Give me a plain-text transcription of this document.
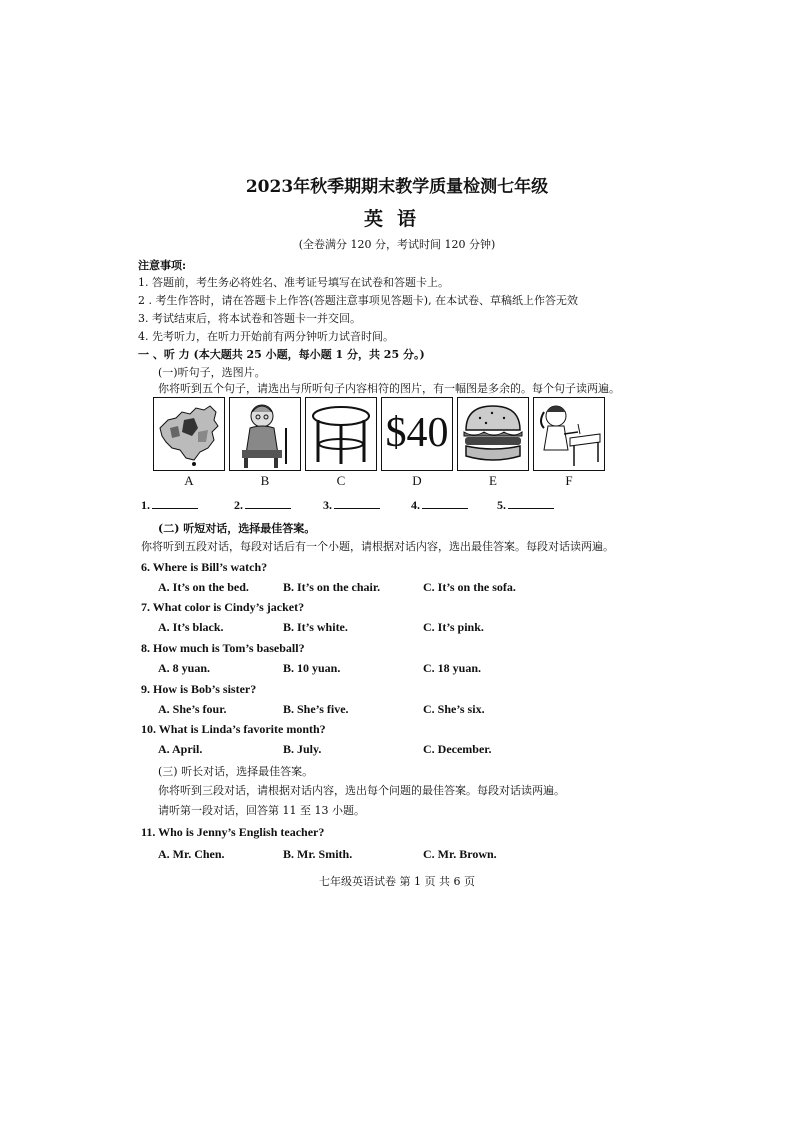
2023年秋季期期末教学质量检测七年级
英语
(全卷满分 120 分，考试时间 120 分钟)
注意事项:
1. 答题前，考生务必将姓名、准考证号填写在试卷和答题卡上。
2 . 考生作答时，请在答题卡上作答(答题注意事项见答题卡), 在本试卷、草稿纸上作答无效
3. 考试结束后，将本试卷和答题卡一并交回。
4. 先考听力，在听力开始前有两分钟听力试音时间。
一 、听 力 (本大题共 25 小题，每小题 1 分，共 25 分。)
(一)听句子，选图片。
你将听到五个句子，请选出与所听句子内容相符的图片，有一幅图是多余的。每个句子读两遍。
$40
A	B	C	D	E	F
1.	2.	3.	4.	5.
(二) 听短对话，选择最佳答案。
你将听到五段对话，每段对话后有一个小题，请根据对话内容，选出最佳答案。每段对话读两遍。
6. Where is Bill’s watch?
A. It’s on the bed.	B. It’s on the chair.	C. It’s on the sofa.
7. What color is Cindy’s jacket?
A. It’s black.	B. It’s white.	C. It’s pink.
8. How much is Tom’s baseball?
A. 8 yuan.	B. 10 yuan.	C. 18 yuan.
9. How is Bob’s sister?
A. She’s four.	B. She’s five.	C. She’s six.
10. What is Linda’s favorite month?
A. April.	B. July.	C. December.
(三) 听长对话，选择最佳答案。
你将听到三段对话，请根据对话内容，选出每个问题的最佳答案。每段对话读两遍。
请听第一段对话，回答第 11 至 13 小题。
11. Who is Jenny’s English teacher?
A. Mr. Chen.	B. Mr. Smith.	C. Mr. Brown.
七年级英语试卷 第 1 页 共 6 页
